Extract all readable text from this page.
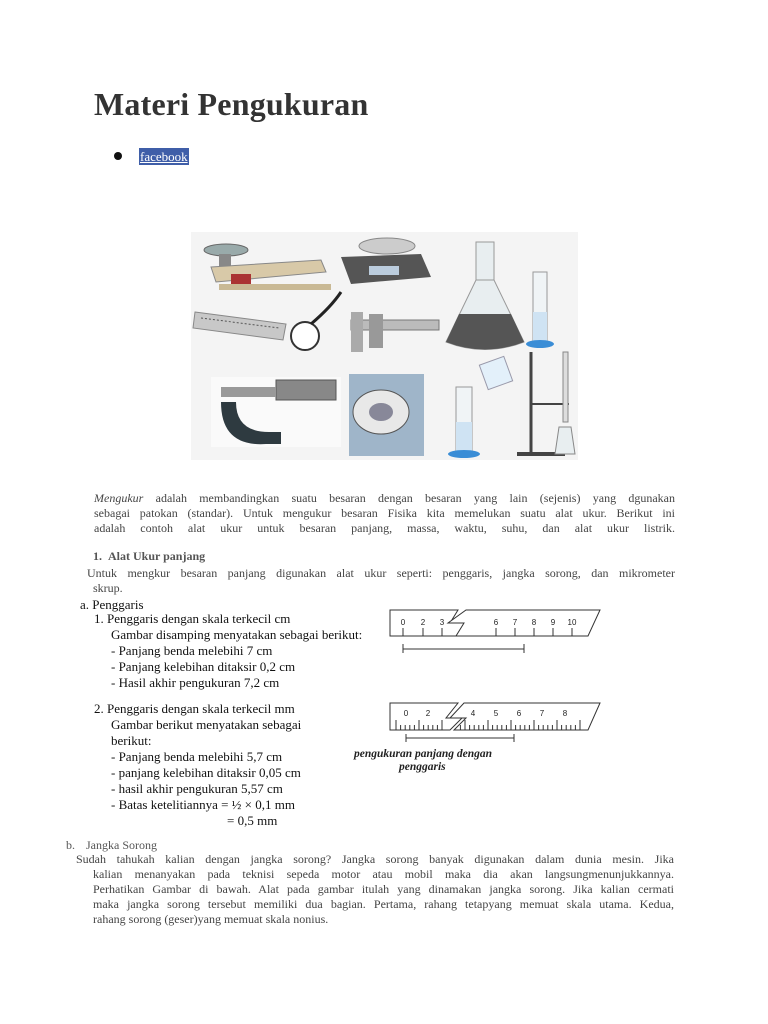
Materi Pengukuran
facebook
Mengukur adalah membandingkan suatu besaran dengan besaran yang lain (sejenis) yang dgunakan
sebagai patokan (standar). Untuk mengukur besaran Fisika kita memelukan suatu alat ukur. Berikut ini
adalah contoh alat ukur untuk besaran panjang, massa, waktu, suhu, dan alat ukur listrik.
1. Alat Ukur panjang
Untuk mengkur besaran panjang digunakan alat ukur seperti: penggaris, jangka sorong, dan mikrometer
skrup.
a. Penggaris
1. Penggaris dengan skala terkecil cm
Gambar disamping menyatakan sebagai berikut:
- Panjang benda melebihi 7 cm
- Panjang kelebihan ditaksir 0,2 cm
- Hasil akhir pengukuran 7,2 cm
0 2 3	6 7 8 9 10
2. Penggaris dengan skala terkecil mm
Gambar berikut menyatakan sebagai
berikut:
- Panjang benda melebihi 5,7 cm
- panjang kelebihan ditaksir 0,05 cm
- hasil akhir pengukuran 5,57 cm
- Batas ketelitiannya = ½ × 0,1 mm
= 0,5 mm
0 2	4 5 6 7 8
pengukuran panjang dengan
penggaris
b. Jangka Sorong
Sudah tahukah kalian dengan jangka sorong? Jangka sorong banyak digunakan dalam dunia mesin. Jika
kalian menanyakan pada teknisi sepeda motor atau mobil maka dia akan langsungmenunjukkannya.
Perhatikan Gambar di bawah. Alat pada gambar itulah yang dinamakan jangka sorong. Jika kalian cermati
maka jangka sorong tersebut memiliki dua bagian. Pertama, rahang tetapyang memuat skala utama. Kedua,
rahang sorong (geser)yang memuat skala nonius.
